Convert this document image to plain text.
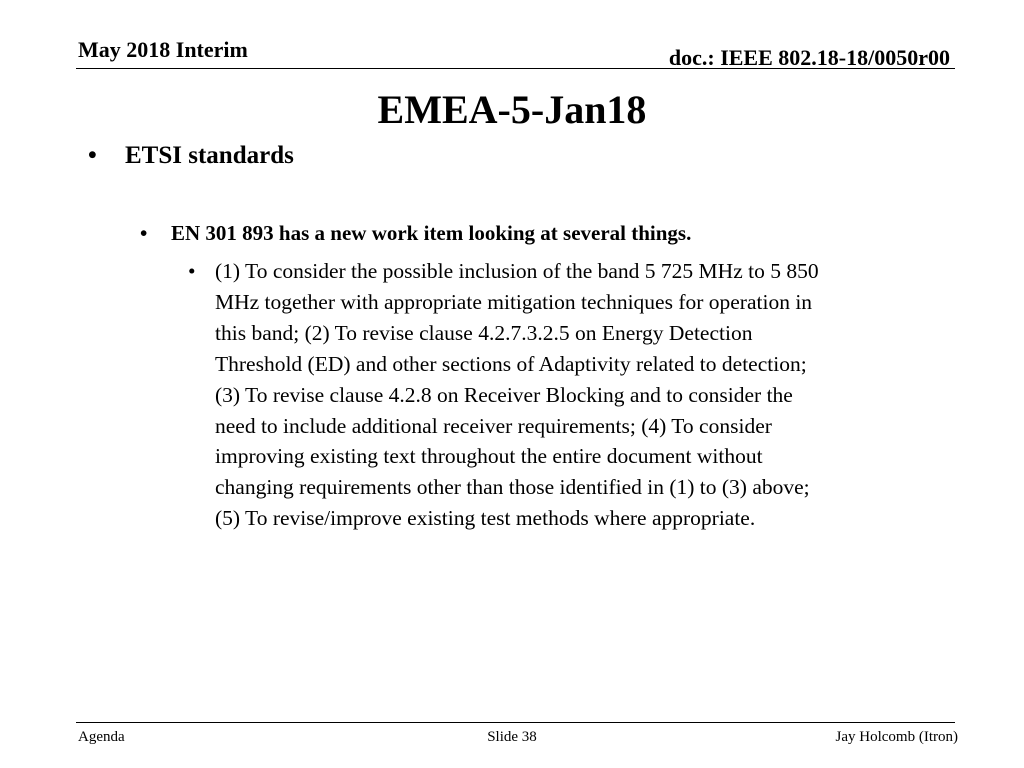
May 2018 Interim	doc.: IEEE 802.18-18/0050r00
EMEA-5-Jan18
• ETSI standards
• EN 301 893 has a new work item looking at several things.
• (1) To consider the possible inclusion of the band 5 725 MHz to 5 850
MHz together with appropriate mitigation techniques for operation in
this band; (2) To revise clause 4.2.7.3.2.5 on Energy Detection
Threshold (ED) and other sections of Adaptivity related to detection;
(3) To revise clause 4.2.8 on Receiver Blocking and to consider the
need to include additional receiver requirements; (4) To consider
improving existing text throughout the entire document without
changing requirements other than those identified in (1) to (3) above;
(5) To revise/improve existing test methods where appropriate.
Agenda	Slide 38	Jay Holcomb (Itron)
